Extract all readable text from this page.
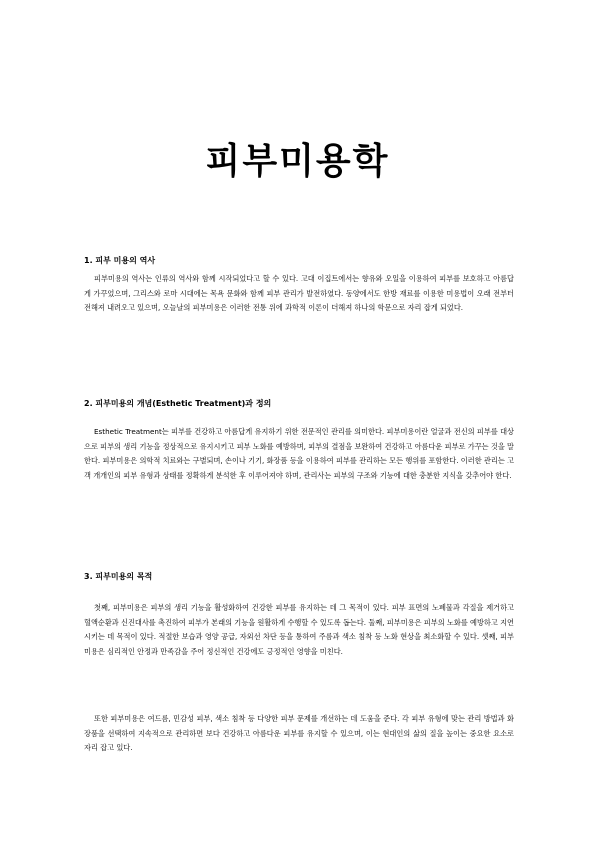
피부미용학
1. 피부 미용의 역사

피부미용의 역사는 인류의 역사와 함께 시작되었다고 할 수 있다. 고대 이집트에서는 향유와 오일을 이용하여 피부를 보호하고 아름답게 가꾸었으며, 그리스와 로마 시대에는 목욕 문화와 함께 피부 관리가 발전하였다. 동양에서도 한방 재료를 이용한 미용법이 오래 전부터 전해져 내려오고 있으며, 오늘날의 피부미용은 이러한 전통 위에 과학적 이론이 더해져 하나의 학문으로 자리 잡게 되었다.

2. 피부미용의 개념(Esthetic Treatment)과 정의

Esthetic Treatment는 피부를 건강하고 아름답게 유지하기 위한 전문적인 관리를 의미한다. 피부미용이란 얼굴과 전신의 피부를 대상으로 피부의 생리 기능을 정상적으로 유지시키고 피부 노화를 예방하며, 피부의 결점을 보완하여 건강하고 아름다운 피부로 가꾸는 것을 말한다. 피부미용은 의학적 치료와는 구별되며, 손이나 기기, 화장품 등을 이용하여 피부를 관리하는 모든 행위를 포함한다. 이러한 관리는 고객 개개인의 피부 유형과 상태를 정확하게 분석한 후 이루어져야 하며, 관리사는 피부의 구조와 기능에 대한 충분한 지식을 갖추어야 한다.

3. 피부미용의 목적

첫째, 피부미용은 피부의 생리 기능을 활성화하여 건강한 피부를 유지하는 데 그 목적이 있다. 피부 표면의 노폐물과 각질을 제거하고 혈액순환과 신진대사를 촉진하여 피부가 본래의 기능을 원활하게 수행할 수 있도록 돕는다. 둘째, 피부미용은 피부의 노화를 예방하고 지연시키는 데 목적이 있다. 적절한 보습과 영양 공급, 자외선 차단 등을 통하여 주름과 색소 침착 등 노화 현상을 최소화할 수 있다. 셋째, 피부미용은 심리적인 안정과 만족감을 주어 정신적인 건강에도 긍정적인 영향을 미친다.

또한 피부미용은 여드름, 민감성 피부, 색소 침착 등 다양한 피부 문제를 개선하는 데 도움을 준다. 각 피부 유형에 맞는 관리 방법과 화장품을 선택하여 지속적으로 관리하면 보다 건강하고 아름다운 피부를 유지할 수 있으며, 이는 현대인의 삶의 질을 높이는 중요한 요소로 자리 잡고 있다.
